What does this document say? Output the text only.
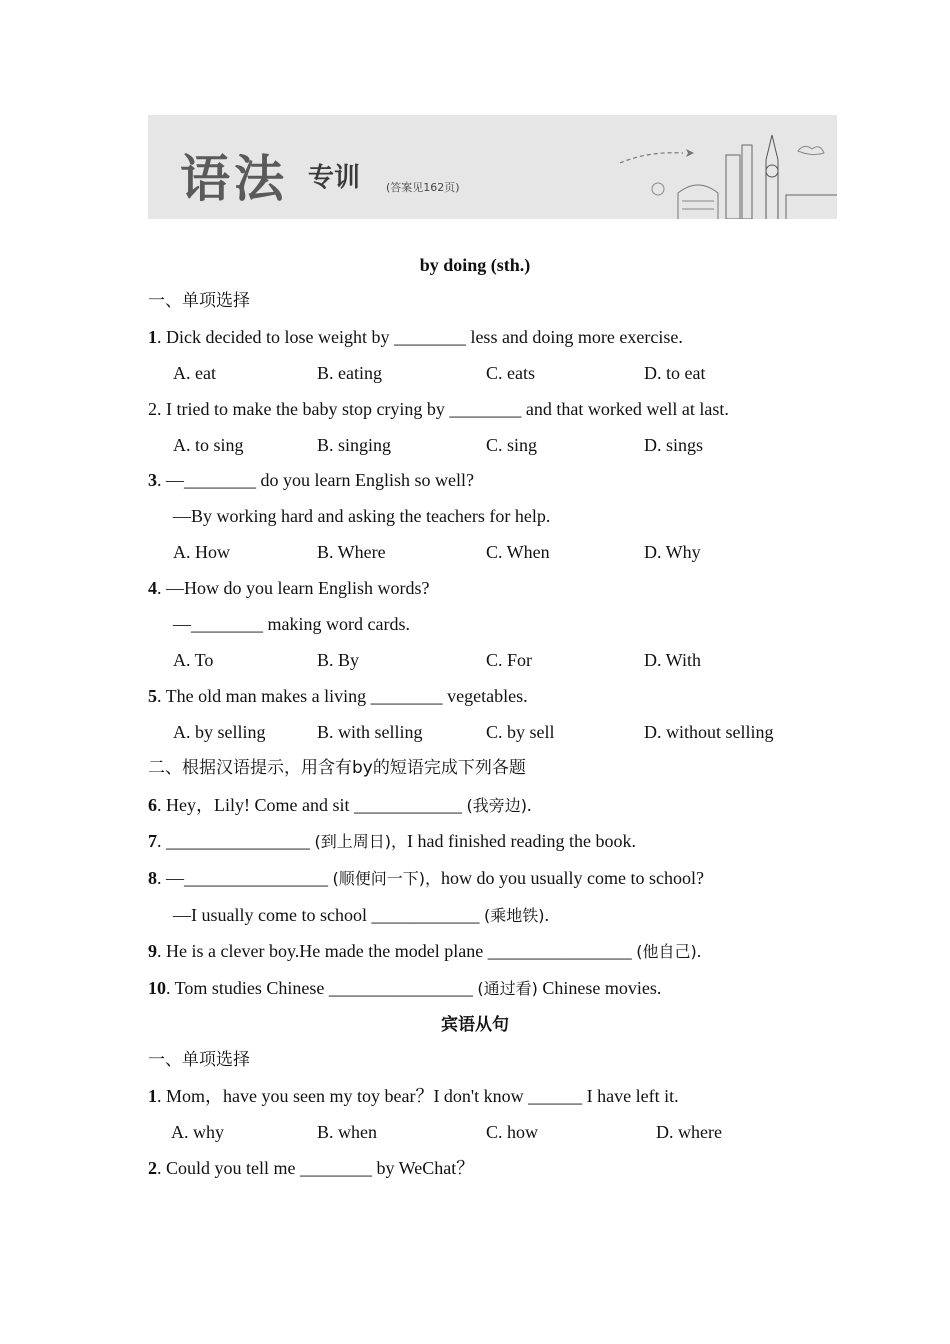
语法 专训 (答案见162页)
by doing (sth.)
一、单项选择
1. Dick decided to lose weight by ________ less and doing more exercise.
A. eat	B. eating	C. eats	D. to eat
2. I tried to make the baby stop crying by ________ and that worked well at last.
A. to sing	B. singing	C. sing	D. sings
3. —________ do you learn English so well?
—By working hard and asking the teachers for help.
A. How	B. Where	C. When	D. Why
4. —How do you learn English words?
—________ making word cards.
A. To	B. By	C. For	D. With
5. The old man makes a living ________ vegetables.
A. by selling	B. with selling	C. by sell	D. without selling
二、根据汉语提示，用含有by的短语完成下列各题
6. Hey，Lily! Come and sit ____________ (我旁边).
7. ________________ (到上周日)，I had finished reading the book.
8. —________________ (顺便问一下)，how do you usually come to school?
—I usually come to school ____________ (乘地铁).
9. He is a clever boy.He made the model plane ________________ (他自己).
10. Tom studies Chinese ________________ (通过看) Chinese movies.
宾语从句
一、单项选择
1. Mom，have you seen my toy bear？I don't know ______ I have left it.
A. why	B. when	C. how	D. where
2. Could you tell me ________ by WeChat？
